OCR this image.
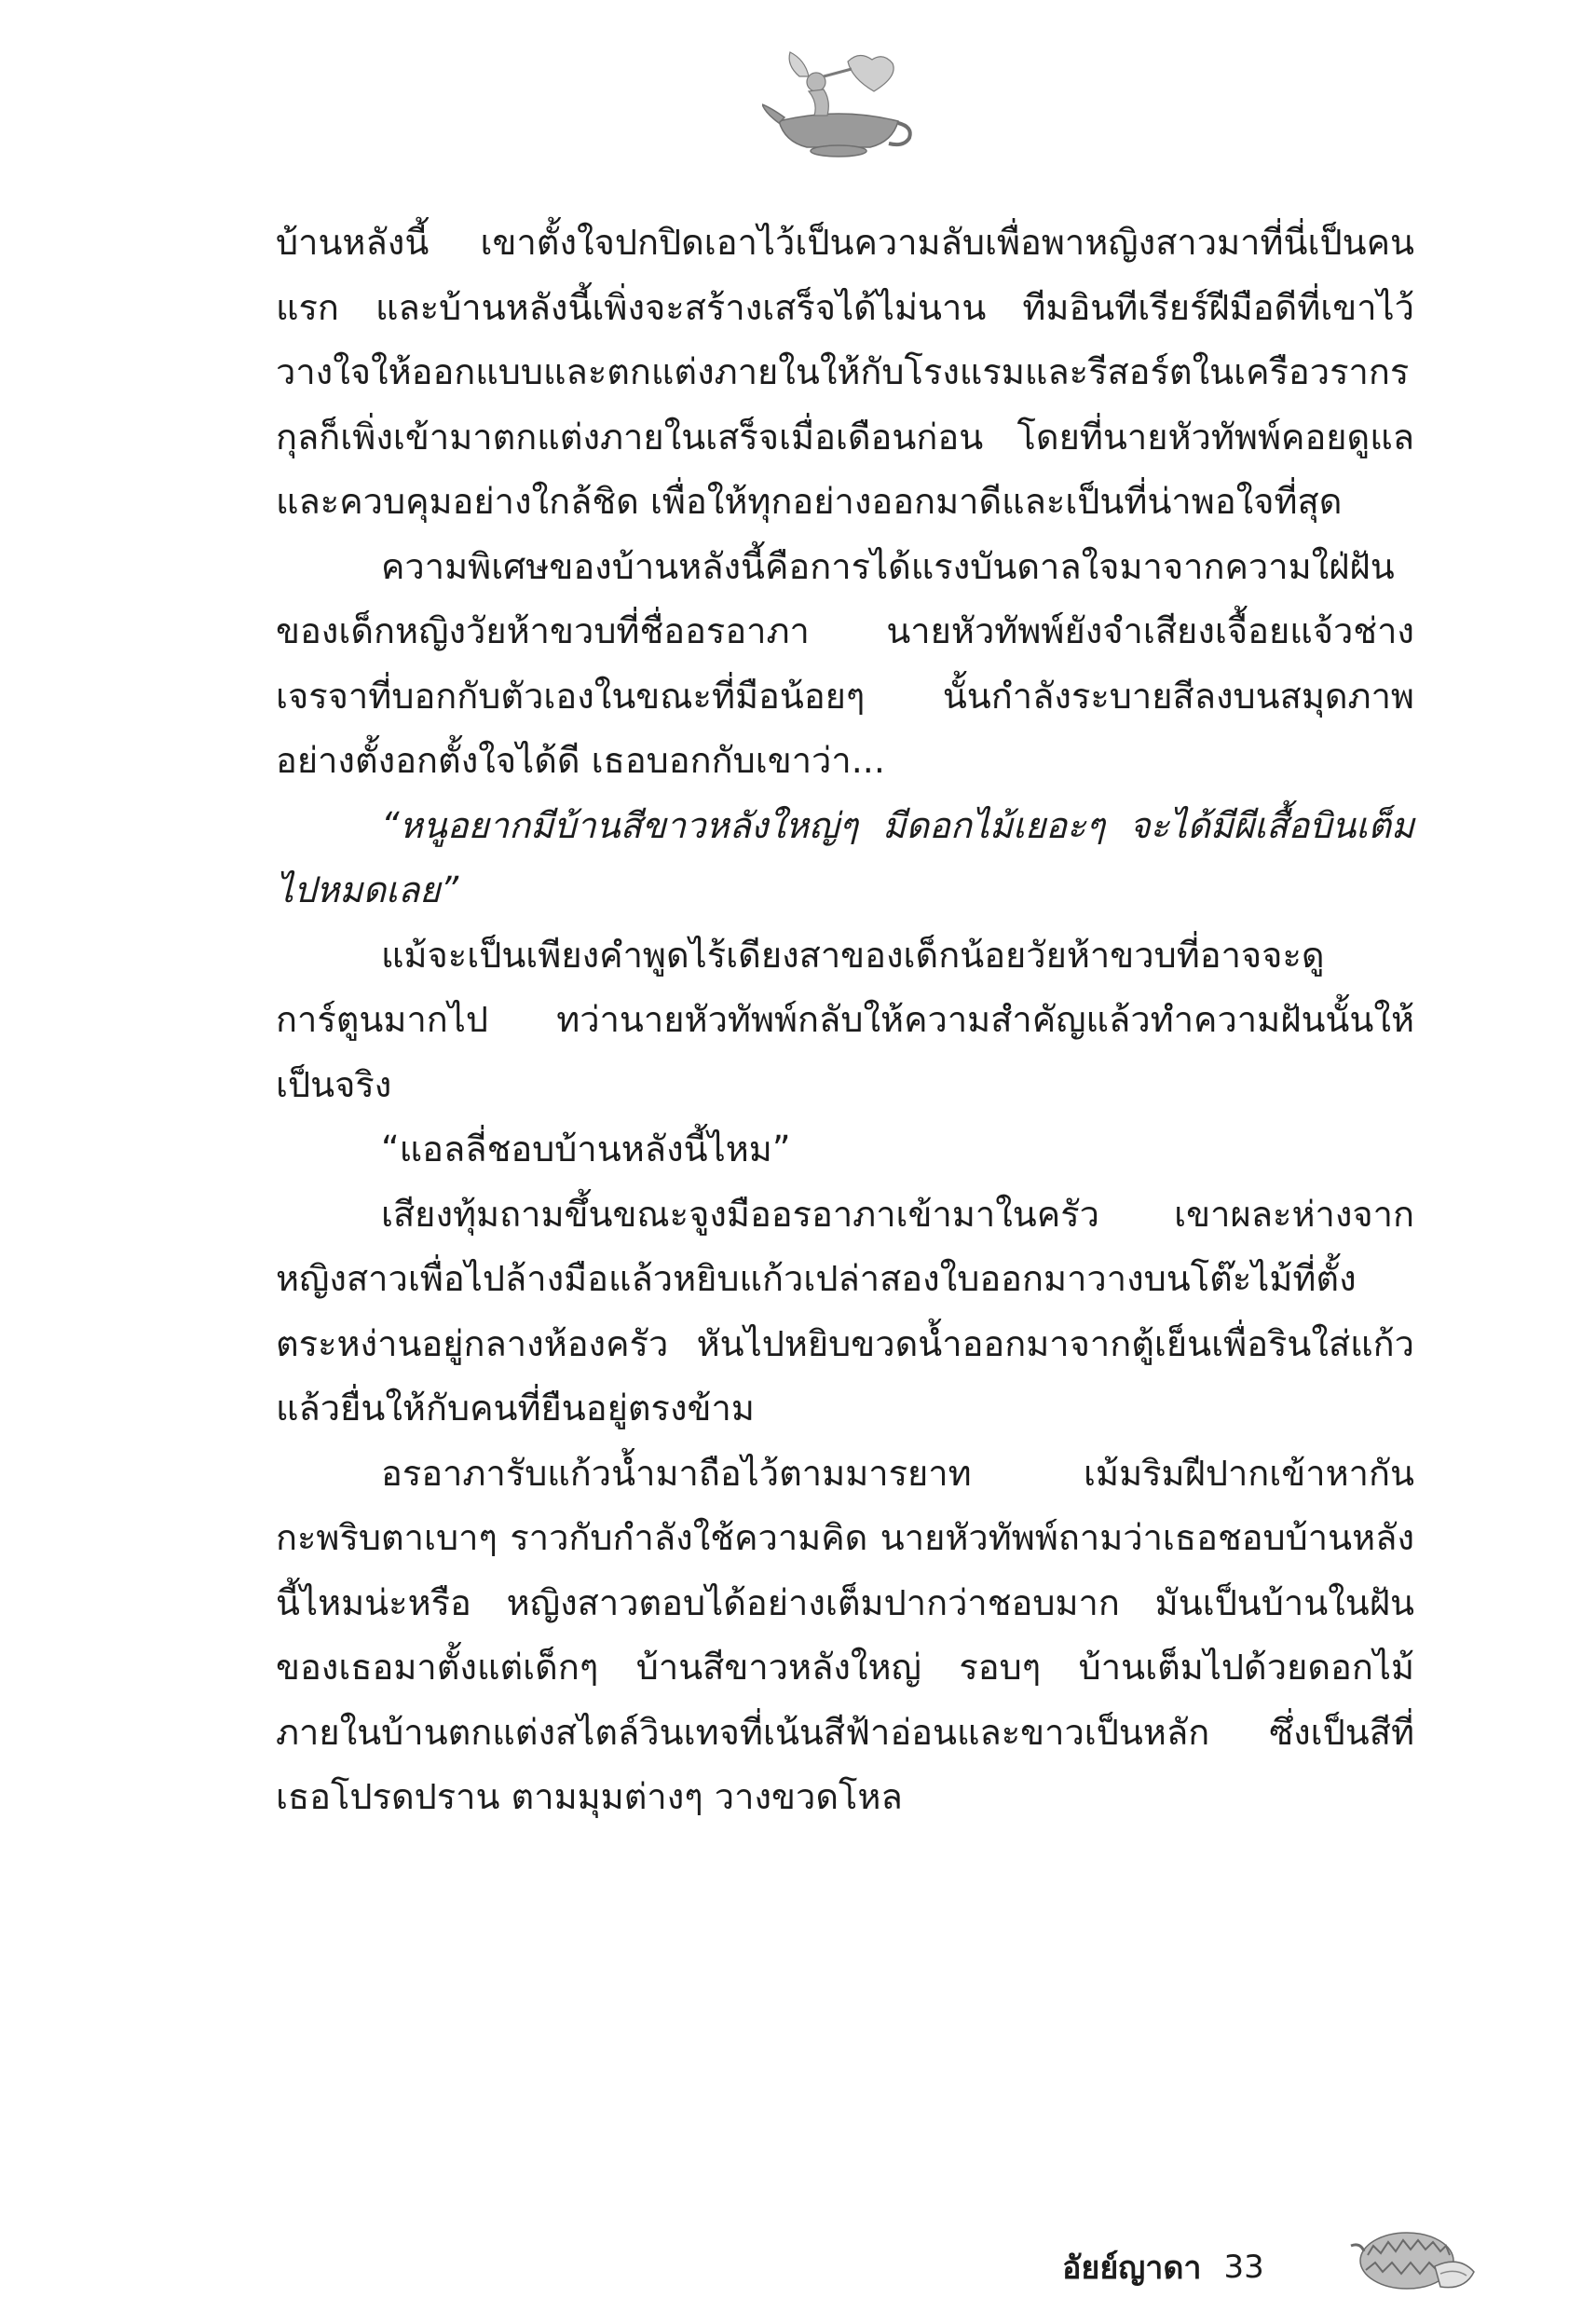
บ้านหลังนี้ เขาตั้งใจปกปิดเอาไว้เป็นความลับเพื่อพาหญิงสาวมาที่นี่เป็นคนแรก และบ้านหลังนี้เพิ่งจะสร้างเสร็จได้ไม่นาน ทีมอินทีเรียร์ฝีมือดีที่เขาไว้วางใจให้ออกแบบและตกแต่งภายในให้กับโรงแรมและรีสอร์ตในเครือวรากรกุลก็เพิ่งเข้ามาตกแต่งภายในเสร็จเมื่อเดือนก่อน โดยที่นายหัวทัพพ์คอยดูแลและควบคุมอย่างใกล้ชิด เพื่อให้ทุกอย่างออกมาดีและเป็นที่น่าพอใจที่สุด

ความพิเศษของบ้านหลังนี้คือการได้แรงบันดาลใจมาจากความใฝ่ฝันของเด็กหญิงวัยห้าขวบที่ชื่ออรอาภา นายหัวทัพพ์ยังจำเสียงเจื้อยแจ้วช่างเจรจาที่บอกกับตัวเองในขณะที่มือน้อยๆ นั้นกำลังระบายสีลงบนสมุดภาพอย่างตั้งอกตั้งใจได้ดี เธอบอกกับเขาว่า...

“หนูอยากมีบ้านสีขาวหลังใหญ่ๆ มีดอกไม้เยอะๆ จะได้มีผีเสื้อบินเต็มไปหมดเลย”

แม้จะเป็นเพียงคำพูดไร้เดียงสาของเด็กน้อยวัยห้าขวบที่อาจจะดูการ์ตูนมากไป ทว่านายหัวทัพพ์กลับให้ความสำคัญแล้วทำความฝันนั้นให้เป็นจริง

“แอลลี่ชอบบ้านหลังนี้ไหม”

เสียงทุ้มถามขึ้นขณะจูงมืออรอาภาเข้ามาในครัว เขาผละห่างจากหญิงสาวเพื่อไปล้างมือแล้วหยิบแก้วเปล่าสองใบออกมาวางบนโต๊ะไม้ที่ตั้งตระหง่านอยู่กลางห้องครัว หันไปหยิบขวดน้ำออกมาจากตู้เย็นเพื่อรินใส่แก้วแล้วยื่นให้กับคนที่ยืนอยู่ตรงข้าม

อรอาภารับแก้วน้ำมาถือไว้ตามมารยาท เม้มริมฝีปากเข้าหากันกะพริบตาเบาๆ ราวกับกำลังใช้ความคิด นายหัวทัพพ์ถามว่าเธอชอบบ้านหลังนี้ไหมน่ะหรือ หญิงสาวตอบได้อย่างเต็มปากว่าชอบมาก มันเป็นบ้านในฝันของเธอมาตั้งแต่เด็กๆ บ้านสีขาวหลังใหญ่ รอบๆ บ้านเต็มไปด้วยดอกไม้ ภายในบ้านตกแต่งสไตล์วินเทจที่เน้นสีฟ้าอ่อนและขาวเป็นหลัก ซึ่งเป็นสีที่เธอโปรดปราน ตามมุมต่างๆ วางขวดโหล

อัยย์ญาดา 33
